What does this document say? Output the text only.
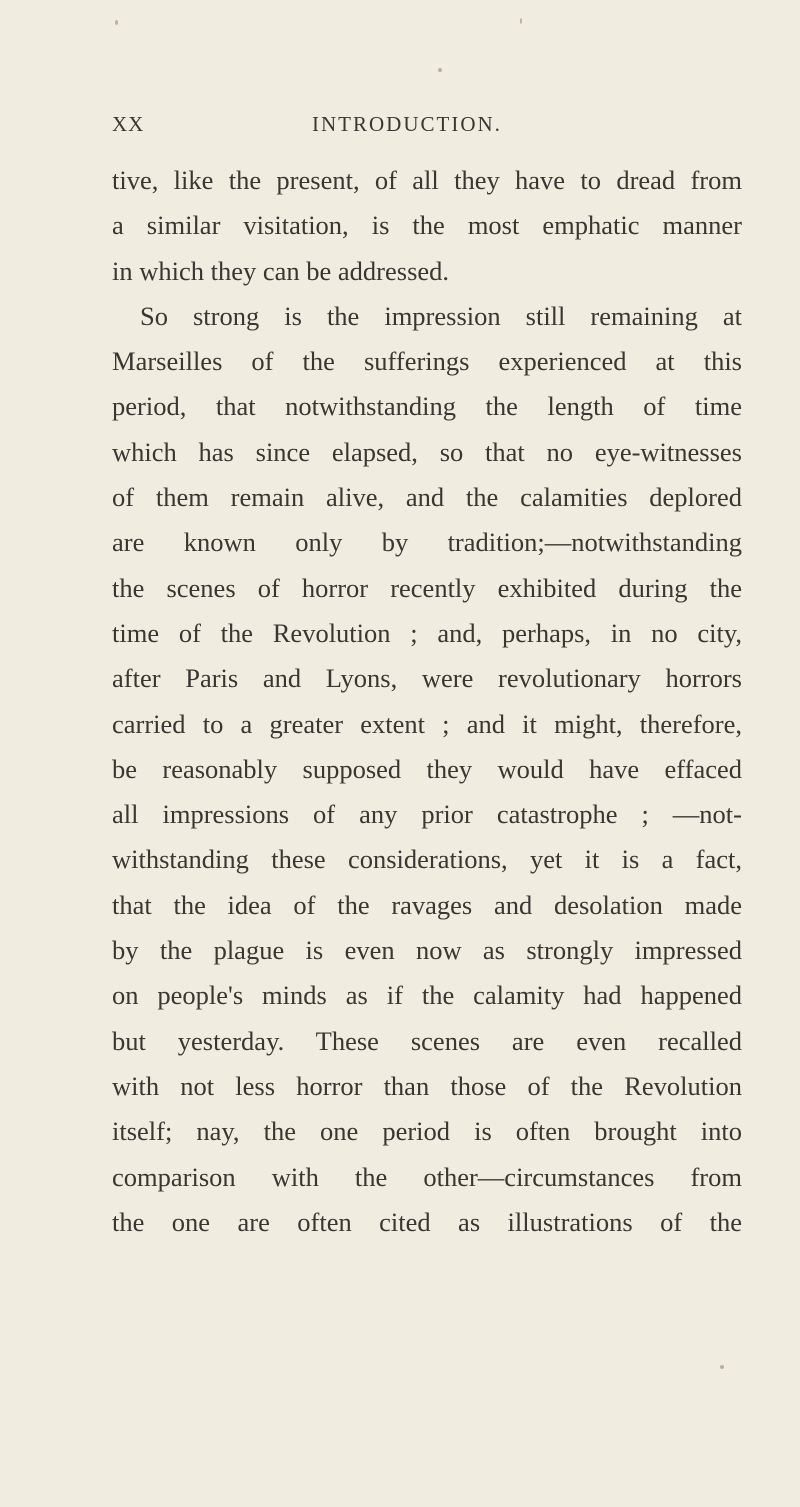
XX	INTRODUCTION.
tive, like the present, of all they have to dread from
a similar visitation, is the most emphatic manner
in which they can be addressed.
So strong is the impression still remaining at
Marseilles of the sufferings experienced at this
period, that notwithstanding the length of time
which has since elapsed, so that no eye-witnesses
of them remain alive, and the calamities deplored
are known only by tradition;—notwithstanding
the scenes of horror recently exhibited during the
time of the Revolution ; and, perhaps, in no city,
after Paris and Lyons, were revolutionary horrors
carried to a greater extent ; and it might, therefore,
be reasonably supposed they would have effaced
all impressions of any prior catastrophe ; —not-
withstanding these considerations, yet it is a fact,
that the idea of the ravages and desolation made
by the plague is even now as strongly impressed
on people's minds as if the calamity had happened
but yesterday. These scenes are even recalled
with not less horror than those of the Revolution
itself; nay, the one period is often brought into
comparison with the other—circumstances from
the one are often cited as illustrations of the
